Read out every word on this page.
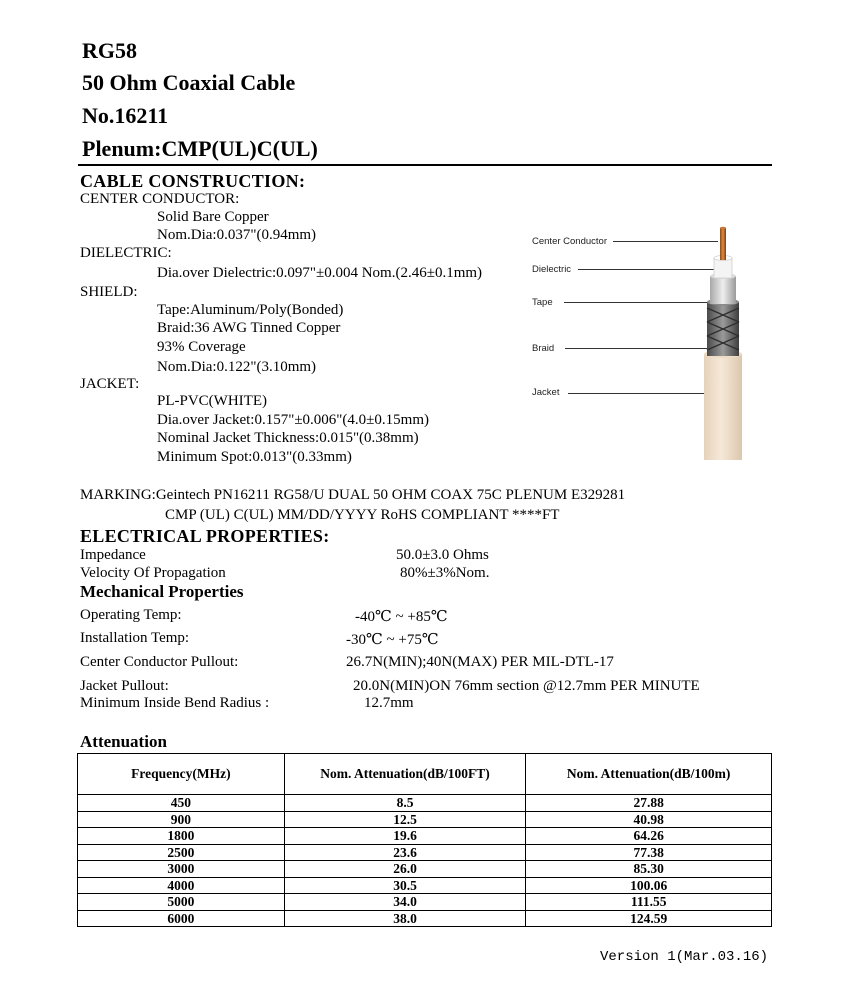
RG58
50 Ohm Coaxial Cable
No.16211
Plenum:CMP(UL)C(UL)
CABLE CONSTRUCTION:
CENTER CONDUCTOR:
Solid Bare Copper
Nom.Dia:0.037"(0.94mm)
DIELECTRIC:
Dia.over Dielectric:0.097"±0.004 Nom.(2.46±0.1mm)
SHIELD:
Tape:Aluminum/Poly(Bonded)
Braid:36 AWG Tinned Copper
93% Coverage
Nom.Dia:0.122"(3.10mm)
JACKET:
PL-PVC(WHITE)
Dia.over Jacket:0.157"±0.006"(4.0±0.15mm)
Nominal Jacket Thickness:0.015"(0.38mm)
Minimum Spot:0.013"(0.33mm)
Center Conductor
Dielectric
Tape
Braid
Jacket
MARKING:Geintech PN16211 RG58/U DUAL 50 OHM COAX 75C PLENUM E329281
CMP (UL) C(UL) MM/DD/YYYY RoHS COMPLIANT ****FT
ELECTRICAL PROPERTIES:
Impedance	50.0±3.0 Ohms
Velocity Of Propagation	80%±3%Nom.
Mechanical Properties
Operating Temp:	-40℃ ~ +85℃
Installation Temp:	-30℃ ~ +75℃
Center Conductor Pullout:	26.7N(MIN);40N(MAX) PER MIL-DTL-17
Jacket Pullout:	20.0N(MIN)ON 76mm section @12.7mm PER MINUTE
Minimum Inside Bend Radius :	12.7mm
Attenuation
Frequency(MHz)	Nom. Attenuation(dB/100FT)	Nom. Attenuation(dB/100m)
450	8.5	27.88
900	12.5	40.98
1800	19.6	64.26
2500	23.6	77.38
3000	26.0	85.30
4000	30.5	100.06
5000	34.0	111.55
6000	38.0	124.59
Version 1(Mar.03.16)
